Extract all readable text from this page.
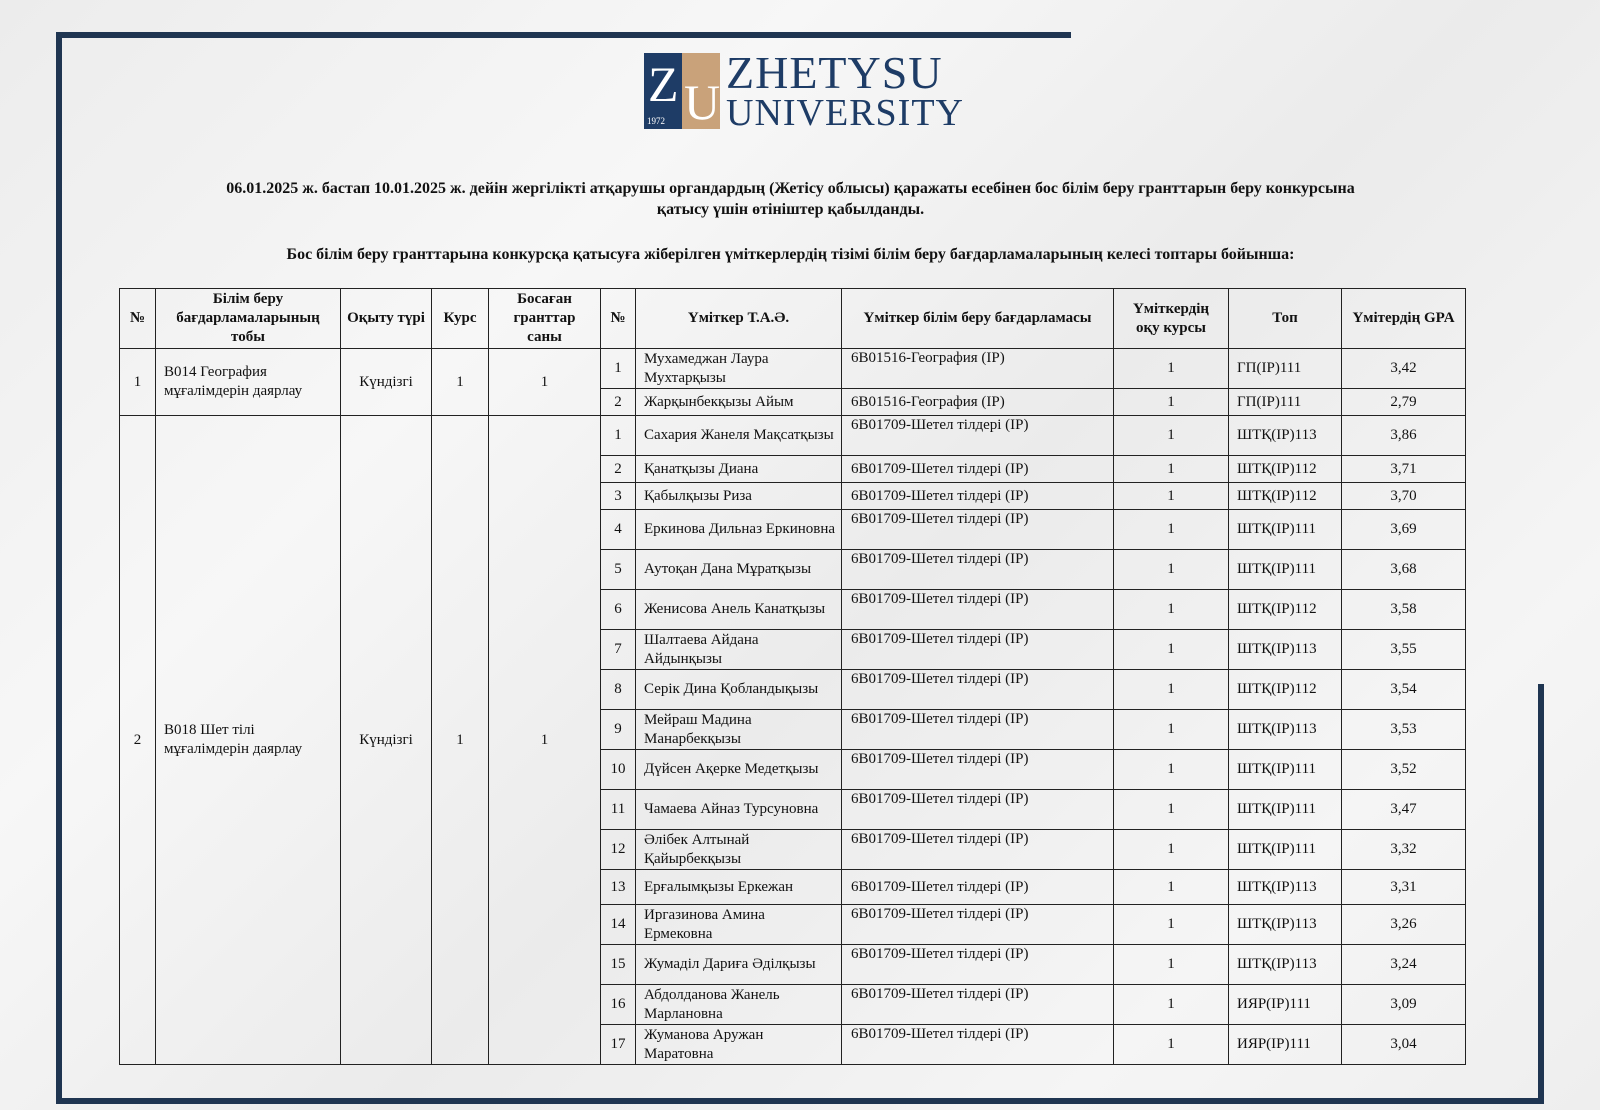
Z
1972 U
ZHETYSU
UNIVERSITY
06.01.2025 ж. бастап 10.01.2025 ж. дейін жергілікті атқарушы органдардың (Жетісу облысы) қаражаты есебінен бос білім беру гранттарын беру конкурсына
қатысу үшін өтініштер қабылданды.
Бос білім беру гранттарына конкурсқа қатысуға жіберілген үміткерлердің тізімі білім беру бағдарламаларының келесі топтары бойынша:
№	Білім беру бағдарламаларының тобы	Оқыту түрі	Курс	Босаған гранттар саны	№	Үміткер Т.А.Ә.	Үміткер білім беру бағдарламасы	Үміткердің оқу курсы	Топ	Үмітердің GPA
1	В014 География мұғалімдерін даярлау	Күндізгі	1	1	1	Мухамеджан Лаура Мухтарқызы	6В01516-География (IP)	1	ГП(IP)111	3,42
					2	Жарқынбекқызы Айым	6В01516-География (IP)	1	ГП(IP)111	2,79
2	В018 Шет тілі мұғалімдерін даярлау	Күндізгі	1	1	1	Сахария Жанеля Мақсатқызы	6В01709-Шетел тілдері (IP)	1	ШТҚ(IP)113	3,86
					2	Қанатқызы Диана	6В01709-Шетел тілдері (IP)	1	ШТҚ(IP)112	3,71
					3	Қабылқызы Риза	6В01709-Шетел тілдері (IP)	1	ШТҚ(IP)112	3,70
					4	Еркинова Дильназ Еркиновна	6В01709-Шетел тілдері (IP)	1	ШТҚ(IP)111	3,69
					5	Аутоқан Дана Мұратқызы	6В01709-Шетел тілдері (IP)	1	ШТҚ(IP)111	3,68
					6	Женисова Анель Канатқызы	6В01709-Шетел тілдері (IP)	1	ШТҚ(IP)112	3,58
					7	Шалтаева Айдана Айдынқызы	6В01709-Шетел тілдері (IP)	1	ШТҚ(IP)113	3,55
					8	Серік Дина Қобландықызы	6В01709-Шетел тілдері (IP)	1	ШТҚ(IP)112	3,54
					9	Мейраш Мадина Манарбекқызы	6В01709-Шетел тілдері (IP)	1	ШТҚ(IP)113	3,53
					10	Дүйсен Ақерке Медетқызы	6В01709-Шетел тілдері (IP)	1	ШТҚ(IP)111	3,52
					11	Чамаева Айназ Турсуновна	6В01709-Шетел тілдері (IP)	1	ШТҚ(IP)111	3,47
					12	Әлібек Алтынай Қайырбекқызы	6В01709-Шетел тілдері (IP)	1	ШТҚ(IP)111	3,32
					13	Ерғалымқызы Еркежан	6В01709-Шетел тілдері (IP)	1	ШТҚ(IP)113	3,31
					14	Иргазинова Амина Ермековна	6В01709-Шетел тілдері (IP)	1	ШТҚ(IP)113	3,26
					15	Жумаділ Дариға Әділқызы	6В01709-Шетел тілдері (IP)	1	ШТҚ(IP)113	3,24
					16	Абдолданова Жанель Марлановна	6В01709-Шетел тілдері (IP)	1	ИЯР(IP)111	3,09
					17	Жуманова Аружан Маратовна	6В01709-Шетел тілдері (IP)	1	ИЯР(IP)111	3,04
